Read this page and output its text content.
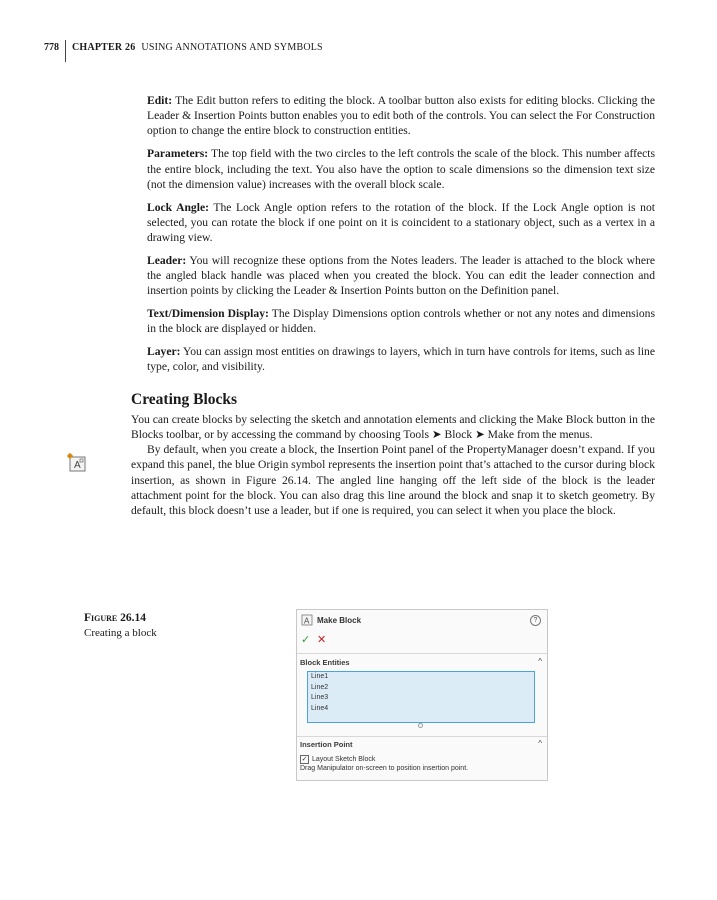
778	CHAPTER 26 USING ANNOTATIONS AND SYMBOLS

Edit: The Edit button refers to editing the block. A toolbar button also exists for editing blocks. Clicking the Leader & Insertion Points button enables you to edit both of the controls. You can select the For Construction option to change the entire block to construction entities.

Parameters: The top field with the two circles to the left controls the scale of the block. This number affects the entire block, including the text. You also have the option to scale dimensions so the dimension text size (not the dimension value) increases with the overall block scale.

Lock Angle: The Lock Angle option refers to the rotation of the block. If the Lock Angle option is not selected, you can rotate the block if one point on it is coincident to a stationary object, such as a vertex in a drawing view.

Leader: You will recognize these options from the Notes leaders. The leader is attached to the block where the angled black handle was placed when you created the block. You can edit the leader connection and insertion points by clicking the Leader & Insertion Points button on the Definition panel.

Text/Dimension Display: The Display Dimensions option controls whether or not any notes and dimensions in the block are displayed or hidden.

Layer: You can assign most entities on drawings to layers, which in turn have controls for items, such as line type, color, and visibility.

Creating Blocks

You can create blocks by selecting the sketch and annotation elements and clicking the Make Block button in the Blocks toolbar, or by accessing the command by choosing Tools ➤ Block ➤ Make from the menus.

By default, when you create a block, the Insertion Point panel of the PropertyManager doesn’t expand. If you expand this panel, the blue Origin symbol represents the insertion point that’s attached to the cursor during block insertion, as shown in Figure 26.14. The angled line hanging off the left side of the block is the leader attachment point for the block. You can also drag this line around the block and snap it to sketch geometry. By default, this block doesn’t use a leader, but if one is required, you can select it when you place the block.

A
Figure 26.14
Creating a block
A Make Block	?
✓ ✕
Block Entities	^
Line1
Line2
Line3
Line4
Insertion Point	^
✓ Layout Sketch Block
Drag Manipulator on-screen to position insertion point.
